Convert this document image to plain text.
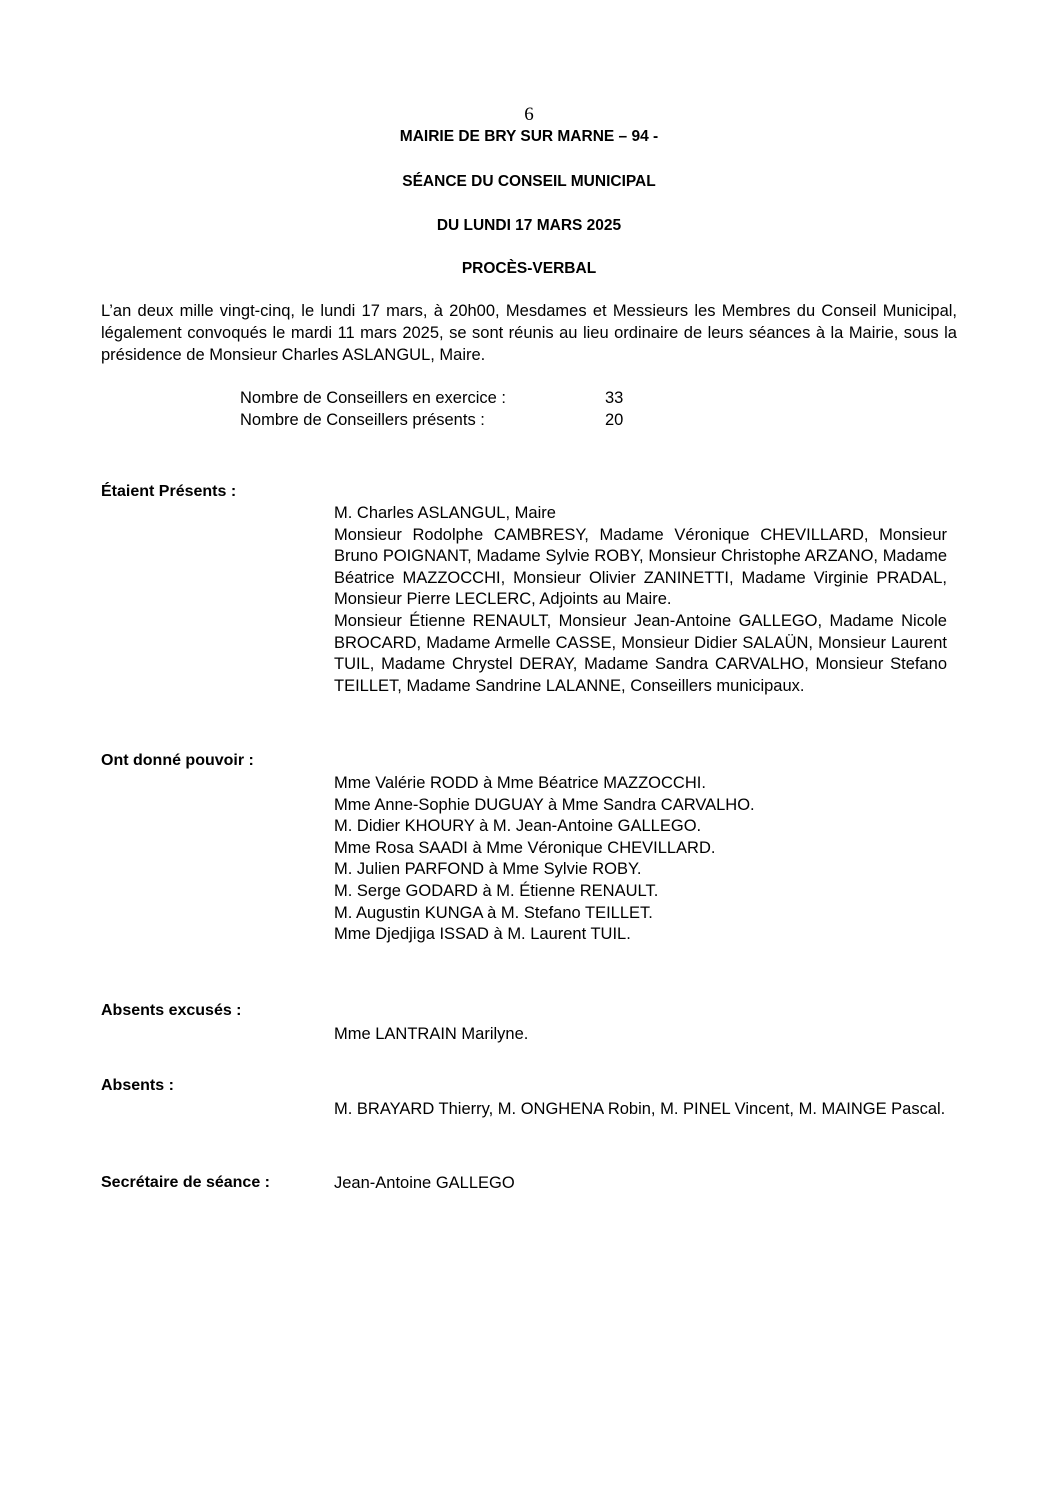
6
MAIRIE DE BRY SUR MARNE – 94 -
SÉANCE DU CONSEIL MUNICIPAL
DU LUNDI 17 MARS 2025
PROCÈS-VERBAL
L’an deux mille vingt-cinq, le lundi 17 mars, à 20h00, Mesdames et Messieurs les Membres du Conseil Municipal, légalement convoqués le mardi 11 mars 2025, se sont réunis au lieu ordinaire de leurs séances à la Mairie, sous la présidence de Monsieur Charles ASLANGUL, Maire.
Nombre de Conseillers en exercice :	33
Nombre de Conseillers présents :	20
Étaient Présents :
M. Charles ASLANGUL, Maire
Monsieur Rodolphe CAMBRESY, Madame Véronique CHEVILLARD, Monsieur Bruno POIGNANT, Madame Sylvie ROBY, Monsieur Christophe ARZANO, Madame Béatrice MAZZOCCHI, Monsieur Olivier ZANINETTI, Madame Virginie PRADAL, Monsieur Pierre LECLERC, Adjoints au Maire.
Monsieur Étienne RENAULT, Monsieur Jean-Antoine GALLEGO, Madame Nicole BROCARD, Madame Armelle CASSE, Monsieur Didier SALAÜN, Monsieur Laurent TUIL, Madame Chrystel DERAY, Madame Sandra CARVALHO, Monsieur Stefano TEILLET, Madame Sandrine LALANNE, Conseillers municipaux.
Ont donné pouvoir :
Mme Valérie RODD à Mme Béatrice MAZZOCCHI.
Mme Anne-Sophie DUGUAY à Mme Sandra CARVALHO.
M. Didier KHOURY à M. Jean-Antoine GALLEGO.
Mme Rosa SAADI à Mme Véronique CHEVILLARD.
M. Julien PARFOND à Mme Sylvie ROBY.
M. Serge GODARD à M. Étienne RENAULT.
M. Augustin KUNGA à M. Stefano TEILLET.
Mme Djedjiga ISSAD à M. Laurent TUIL.
Absents excusés :
Mme LANTRAIN Marilyne.
Absents :
M. BRAYARD Thierry, M. ONGHENA Robin, M. PINEL Vincent, M. MAINGE Pascal.
Secrétaire de séance :	Jean-Antoine GALLEGO
